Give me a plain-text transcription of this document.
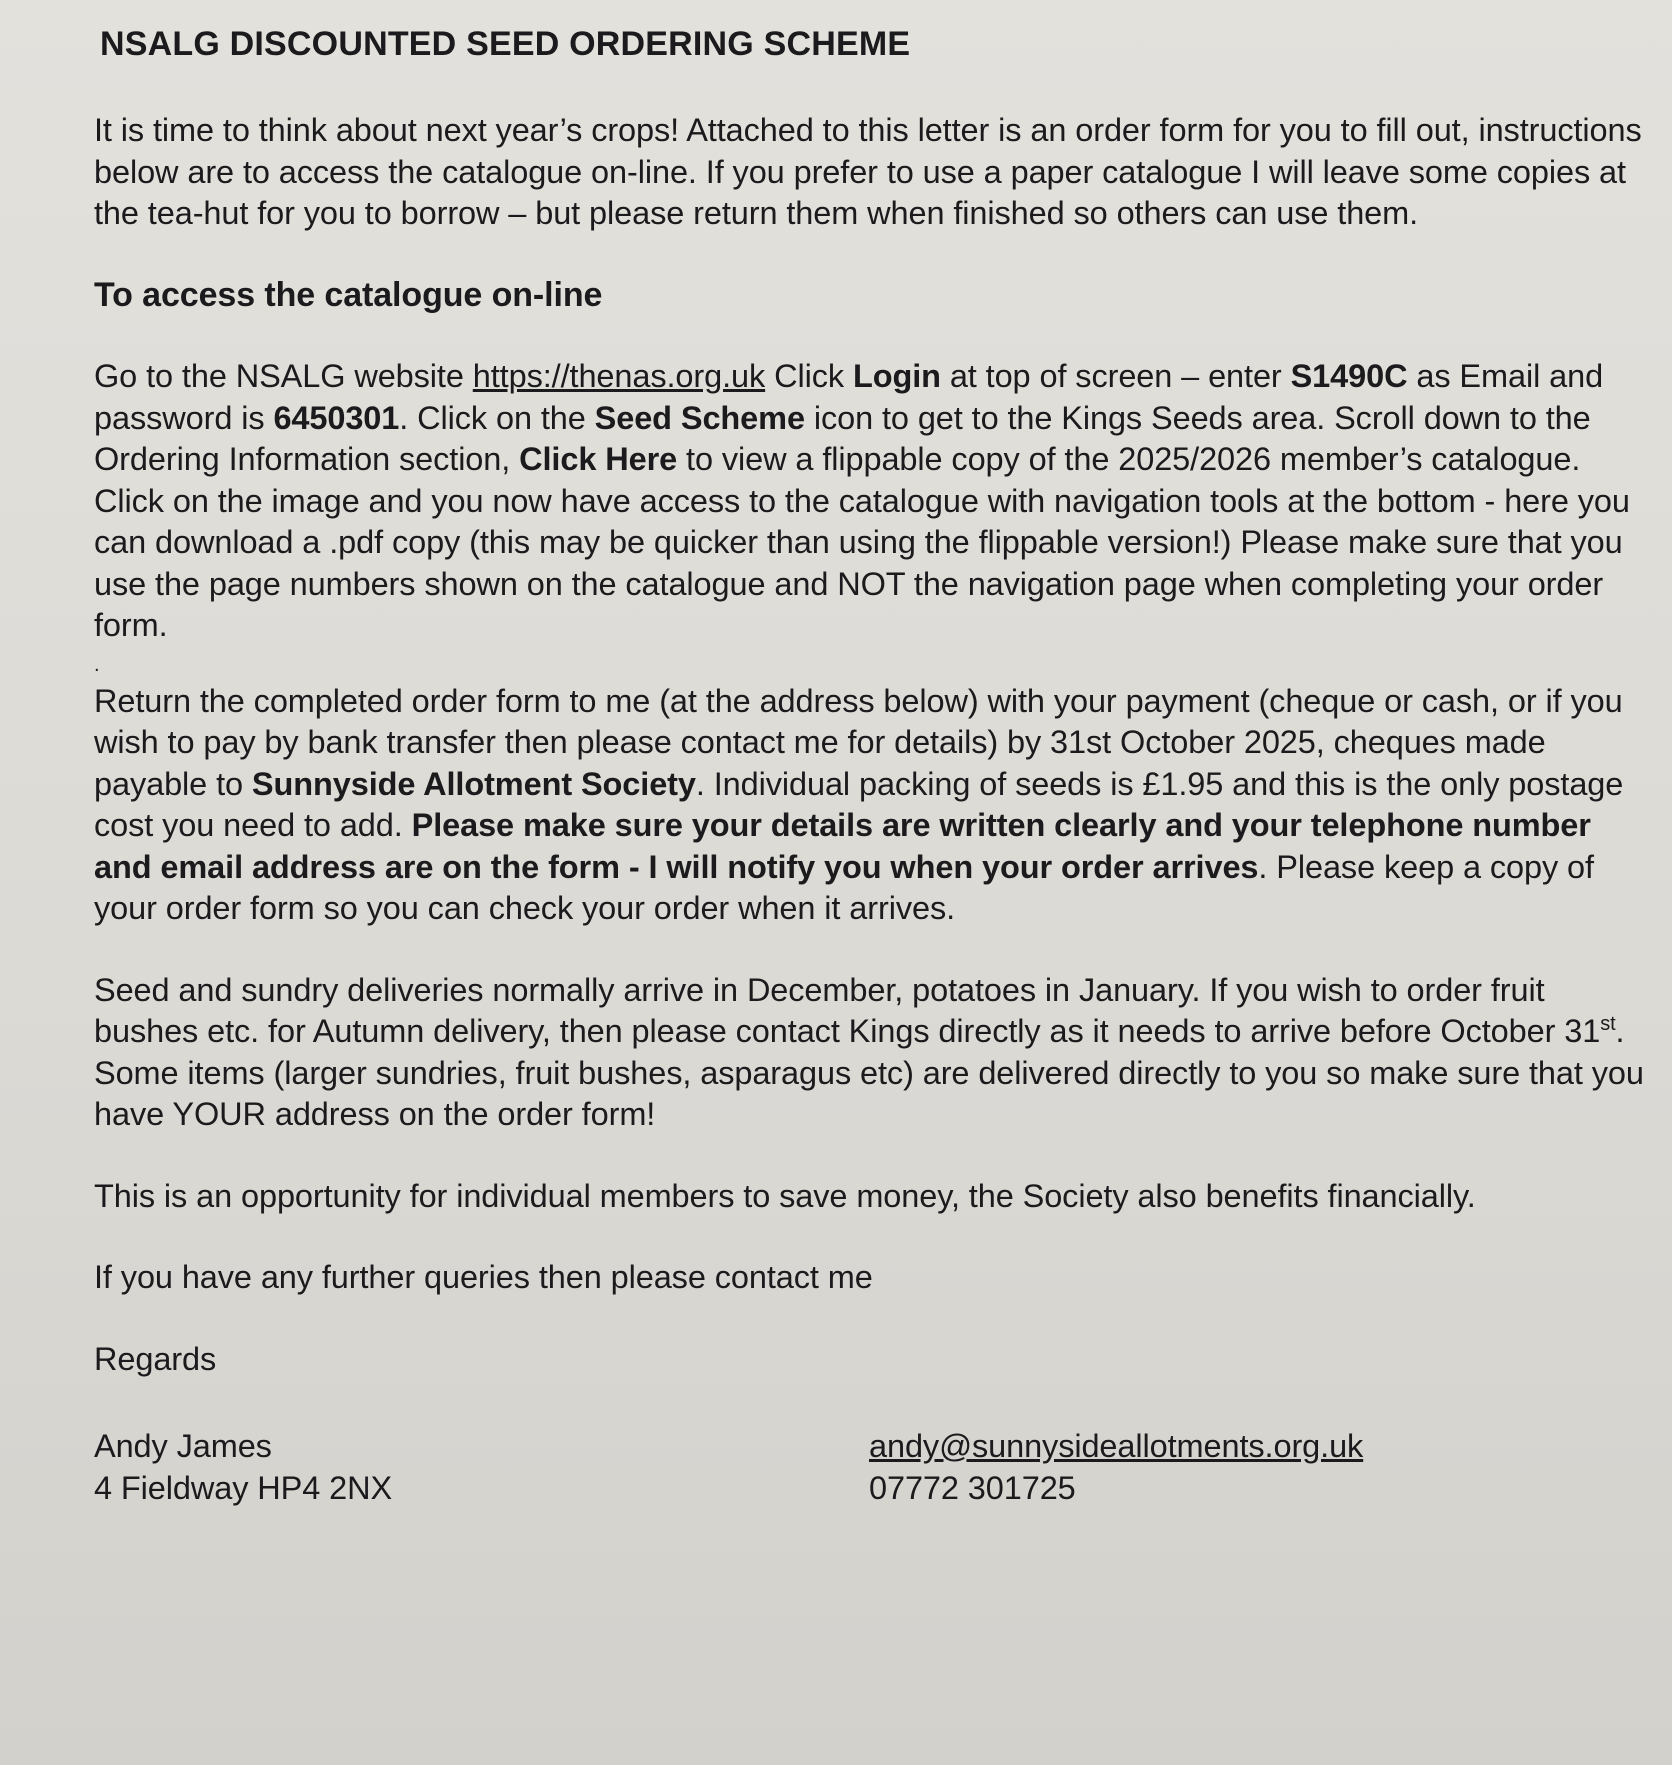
NSALG DISCOUNTED SEED ORDERING SCHEME

It is time to think about next year’s crops! Attached to this letter is an order form for you to fill out, instructions below are to access the catalogue on-line. If you prefer to use a paper catalogue I will leave some copies at the tea-hut for you to borrow – but please return them when finished so others can use them.

To access the catalogue on-line

Go to the NSALG website https://thenas.org.uk Click Login at top of screen – enter S1490C as Email and password is 6450301. Click on the Seed Scheme icon to get to the Kings Seeds area. Scroll down to the Ordering Information section, Click Here to view a flippable copy of the 2025/2026 member’s catalogue. Click on the image and you now have access to the catalogue with navigation tools at the bottom - here you can download a .pdf copy (this may be quicker than using the flippable version!) Please make sure that you use the page numbers shown on the catalogue and NOT the navigation page when completing your order form.

.

Return the completed order form to me (at the address below) with your payment (cheque or cash, or if you wish to pay by bank transfer then please contact me for details) by 31st October 2025, cheques made payable to Sunnyside Allotment Society. Individual packing of seeds is £1.95 and this is the only postage cost you need to add. Please make sure your details are written clearly and your telephone number and email address are on the form - I will notify you when your order arrives. Please keep a copy of your order form so you can check your order when it arrives.

Seed and sundry deliveries normally arrive in December, potatoes in January. If you wish to order fruit bushes etc. for Autumn delivery, then please contact Kings directly as it needs to arrive before October 31st. Some items (larger sundries, fruit bushes, asparagus etc) are delivered directly to you so make sure that you have YOUR address on the order form!

This is an opportunity for individual members to save money, the Society also benefits financially.

If you have any further queries then please contact me

Regards

Andy James
4 Fieldway HP4 2NX
andy@sunnysideallotments.org.uk
07772 301725
